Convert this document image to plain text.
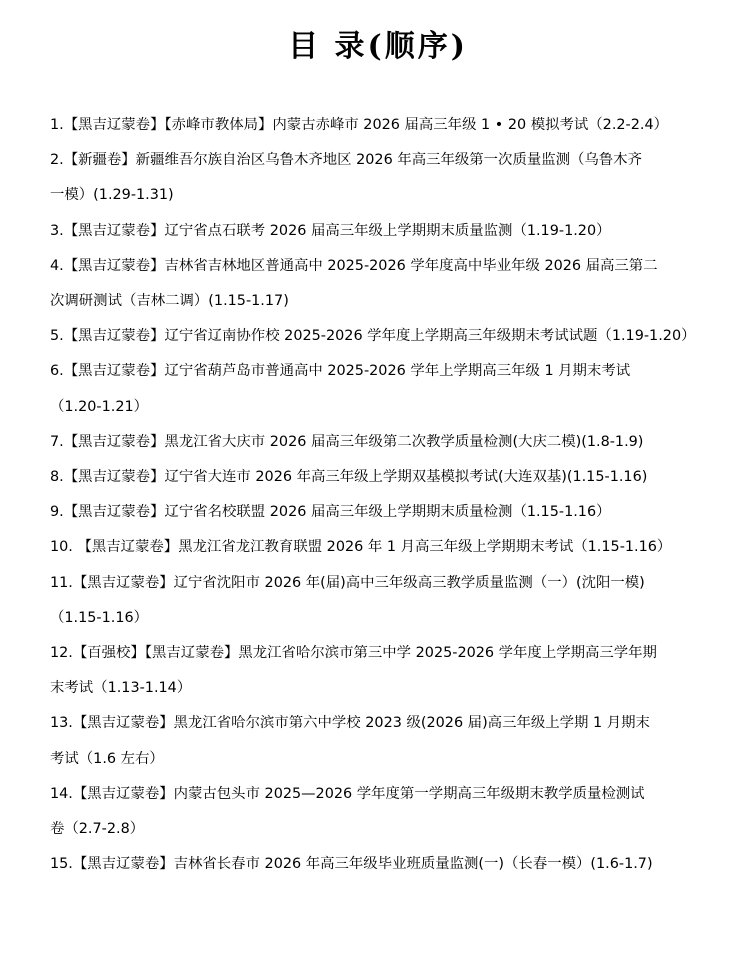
目 录(顺序)
1.【黑吉辽蒙卷】【赤峰市教体局】内蒙古赤峰市 2026 届高三年级 1 • 20 模拟考试（2.2-2.4）
2.【新疆卷】新疆维吾尔族自治区乌鲁木齐地区 2026 年高三年级第一次质量监测（乌鲁木齐
一模）(1.29-1.31)
3.【黑吉辽蒙卷】辽宁省点石联考 2026 届高三年级上学期期末质量监测（1.19-1.20）
4.【黑吉辽蒙卷】吉林省吉林地区普通高中 2025-2026 学年度高中毕业年级 2026 届高三第二
次调研测试（吉林二调）(1.15-1.17)
5.【黑吉辽蒙卷】辽宁省辽南协作校 2025-2026 学年度上学期高三年级期末考试试题（1.19-1.20）
6.【黑吉辽蒙卷】辽宁省葫芦岛市普通高中 2025-2026 学年上学期高三年级 1 月期末考试
（1.20-1.21）
7.【黑吉辽蒙卷】黑龙江省大庆市 2026 届高三年级第二次教学质量检测(大庆二模)(1.8-1.9)
8.【黑吉辽蒙卷】辽宁省大连市 2026 年高三年级上学期双基模拟考试(大连双基)(1.15-1.16)
9.【黑吉辽蒙卷】辽宁省名校联盟 2026 届高三年级上学期期末质量检测（1.15-1.16）
10. 【黑吉辽蒙卷】黑龙江省龙江教育联盟 2026 年 1 月高三年级上学期期末考试（1.15-1.16）
11.【黑吉辽蒙卷】辽宁省沈阳市 2026 年(届)高中三年级高三教学质量监测（一）(沈阳一模)
（1.15-1.16）
12.【百强校】【黑吉辽蒙卷】黑龙江省哈尔滨市第三中学 2025-2026 学年度上学期高三学年期
末考试（1.13-1.14）
13.【黑吉辽蒙卷】黑龙江省哈尔滨市第六中学校 2023 级(2026 届)高三年级上学期 1 月期末
考试（1.6 左右）
14.【黑吉辽蒙卷】内蒙古包头市 2025—2026 学年度第一学期高三年级期末教学质量检测试
卷（2.7-2.8）
15.【黑吉辽蒙卷】吉林省长春市 2026 年高三年级毕业班质量监测(一)（长春一模）(1.6-1.7)
